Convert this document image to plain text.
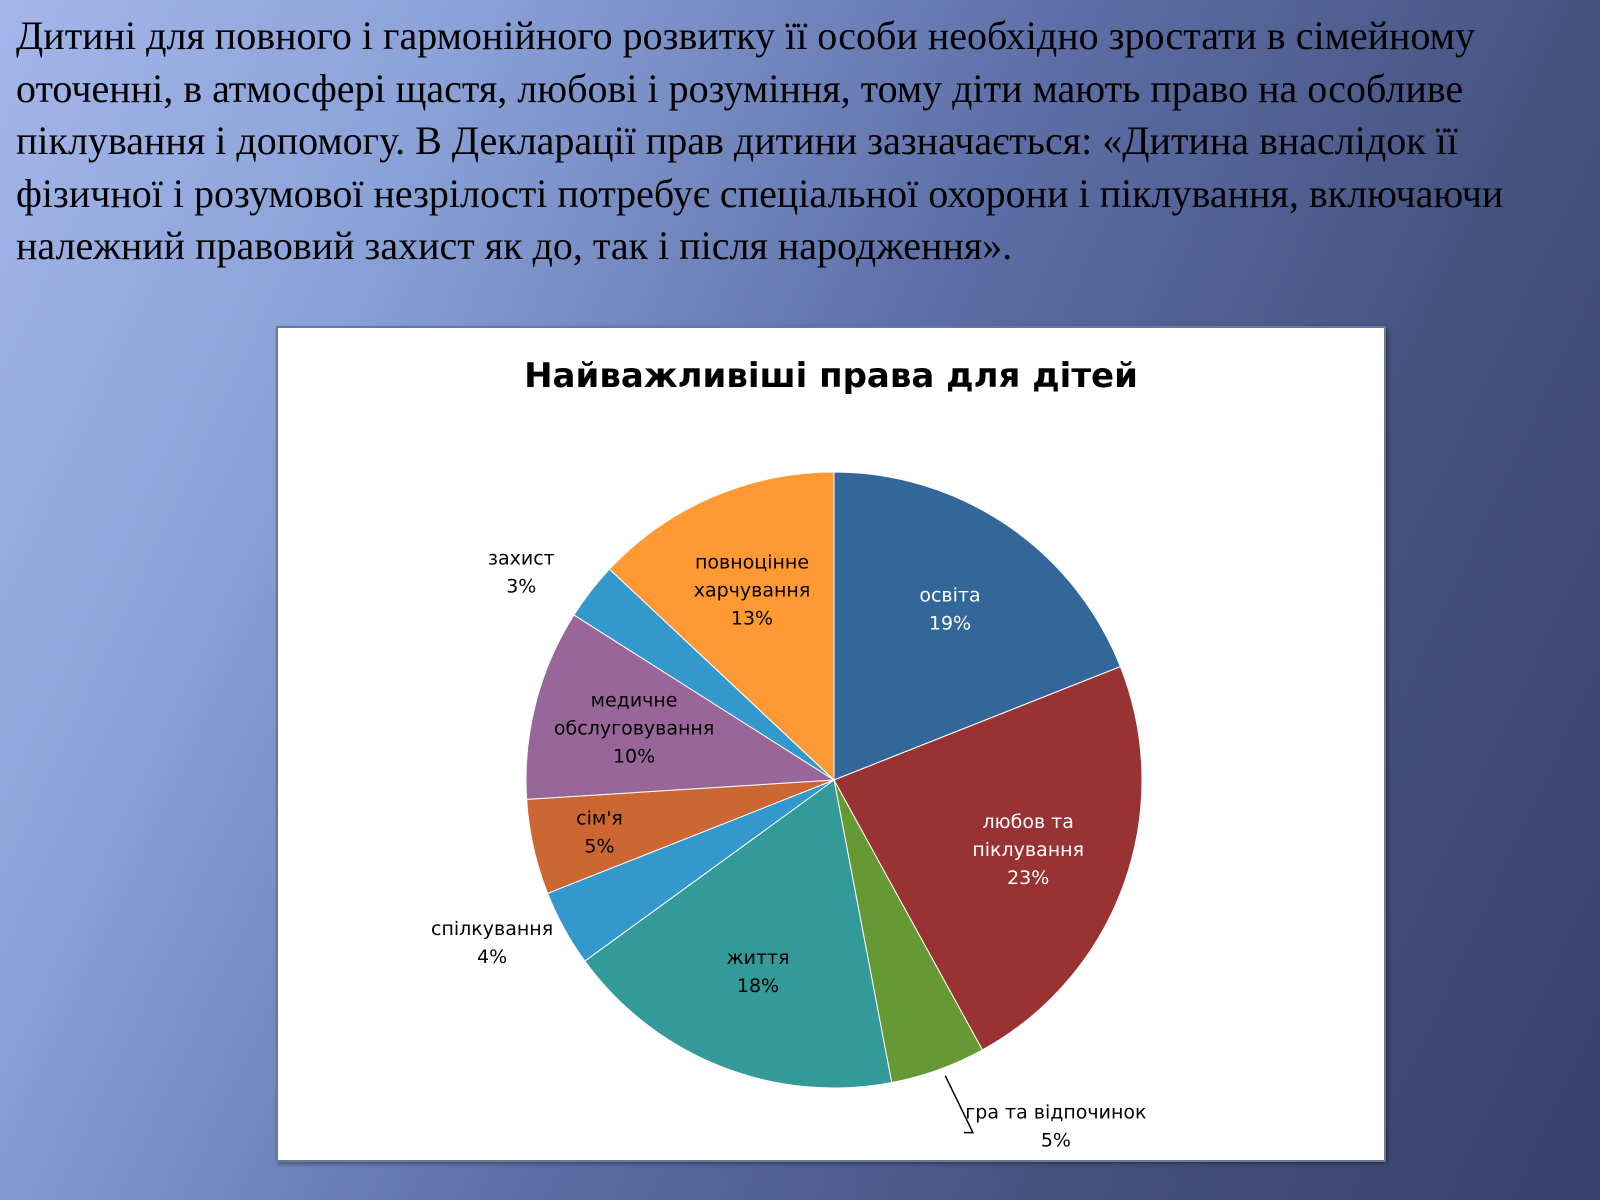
Дитині для повного і гармонійного розвитку її особи необхідно зростати в сімейному оточенні, в атмосфері щастя, любові і розуміння, тому діти мають право на особливе піклування і допомогу. В Декларації прав дитини зазначається: «Дитина внаслідок її фізичної і розумової незрілості потребує спеціальної охорони і піклування, включаючи належний правовий захист як до, так і після народження».

Найважливіші права для дітей
освіта
19%
любов та
піклування
23%
гра та відпочинок
5%
життя
18%
спілкування
4%
сім'я
5%
медичне
обслуговування
10%
захист
3%
повноцінне
харчування
13%
